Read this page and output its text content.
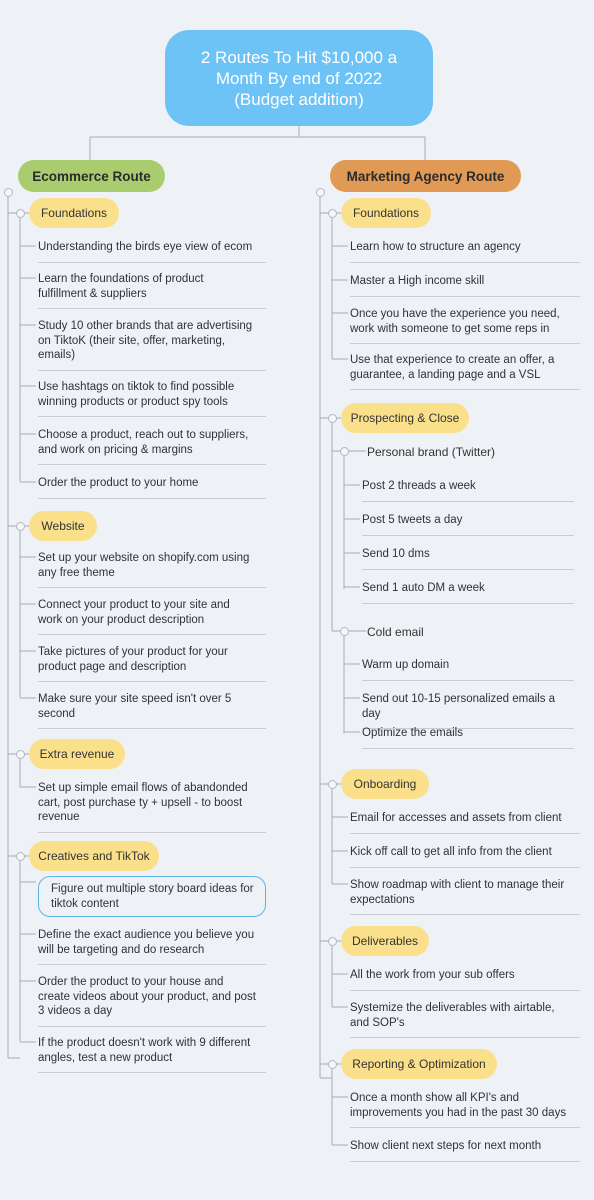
2 Routes To Hit $10,000 a
Month By end of 2022
(Budget addition)
Ecommerce Route	Marketing Agency Route
Foundations
Understanding the birds eye view of ecom
Learn the foundations of product
fulfillment & suppliers
Study 10 other brands that are advertising
on TiktoK (their site, offer, marketing,
emails)
Use hashtags on tiktok to find possible
winning products or product spy tools
Choose a product, reach out to suppliers,
and work on pricing & margins
Order the product to your home
Website
Set up your website on shopify.com using
any free theme
Connect your product to your site and
work on your product description
Take pictures of your product for your
product page and description
Make sure your site speed isn't over 5
second
Extra revenue
Set up simple email flows of abandonded
cart, post purchase ty + upsell - to boost
revenue
Creatives and TikTok
Figure out multiple story board ideas for
tiktok content
Define the exact audience you believe you
will be targeting and do research
Order the product to your house and
create videos about your product, and post
3 videos a day
If the product doesn't work with 9 different
angles, test a new product
Foundations
Learn how to structure an agency
Master a High income skill
Once you have the experience you need,
work with someone to get some reps in
Use that experience to create an offer, a
guarantee, a landing page and a VSL
Prospecting & Close
Personal brand (Twitter)
Post 2 threads a week
Post 5 tweets a day
Send 10 dms
Send 1 auto DM a week
Cold email
Warm up domain
Send out 10-15 personalized emails a day
Optimize the emails
Onboarding
Email for accesses and assets from client
Kick off call to get all info from the client
Show roadmap with client to manage their
expectations
Deliverables
All the work from your sub offers
Systemize the deliverables with airtable,
and SOP's
Reporting & Optimization
Once a month show all KPI's and
improvements you had in the past 30 days
Show client next steps for next month
